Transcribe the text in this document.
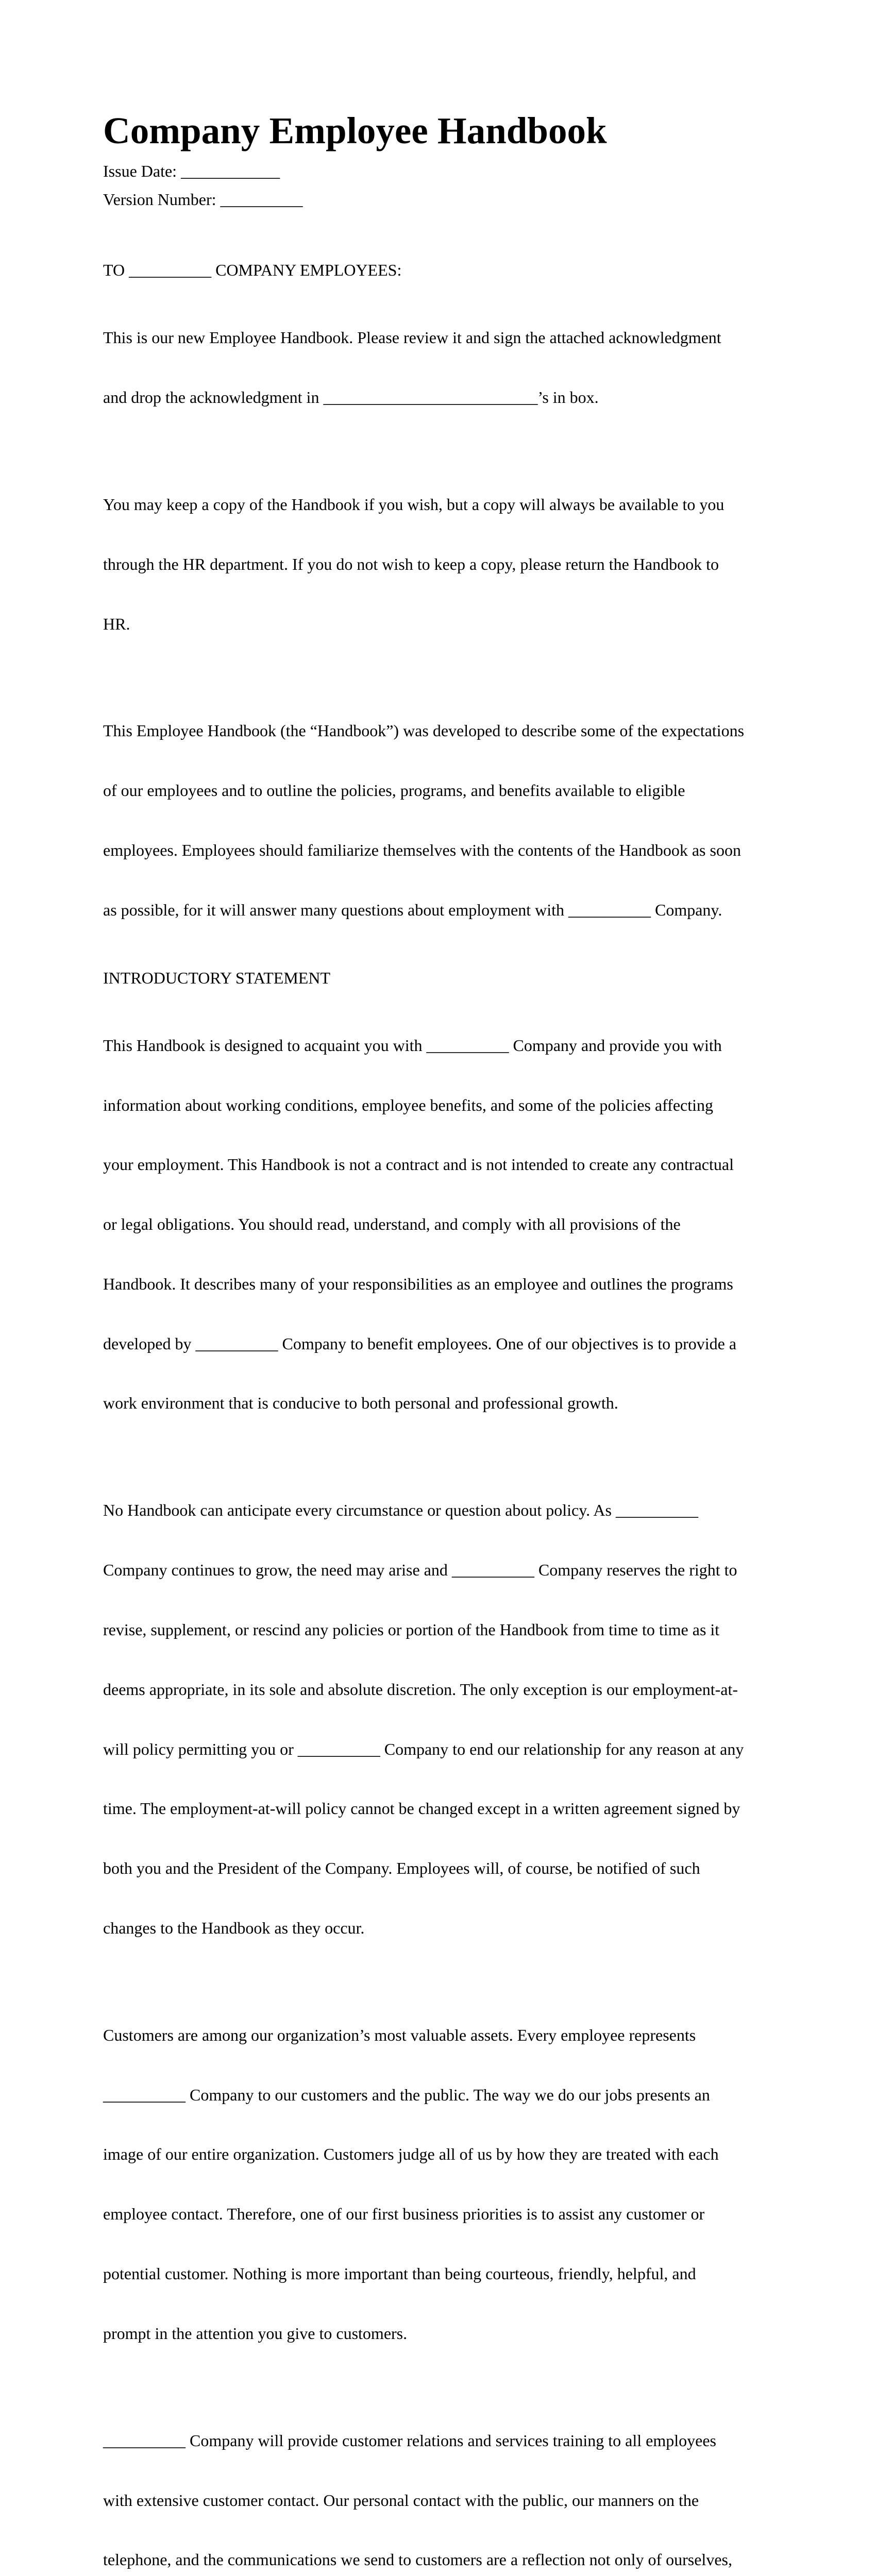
Company Employee Handbook

Issue Date: ____________

Version Number: __________

TO __________ COMPANY EMPLOYEES:

This is our new Employee Handbook. Please review it and sign the attached acknowledgment

and drop the acknowledgment in __________________________’s in box.

You may keep a copy of the Handbook if you wish, but a copy will always be available to you

through the HR department. If you do not wish to keep a copy, please return the Handbook to

HR.

This Employee Handbook (the “Handbook”) was developed to describe some of the expectations

of our employees and to outline the policies, programs, and benefits available to eligible

employees. Employees should familiarize themselves with the contents of the Handbook as soon

as possible, for it will answer many questions about employment with __________ Company.

INTRODUCTORY STATEMENT

This Handbook is designed to acquaint you with __________ Company and provide you with

information about working conditions, employee benefits, and some of the policies affecting

your employment. This Handbook is not a contract and is not intended to create any contractual

or legal obligations. You should read, understand, and comply with all provisions of the

Handbook. It describes many of your responsibilities as an employee and outlines the programs

developed by __________ Company to benefit employees. One of our objectives is to provide a

work environment that is conducive to both personal and professional growth.

No Handbook can anticipate every circumstance or question about policy. As __________

Company continues to grow, the need may arise and __________ Company reserves the right to

revise, supplement, or rescind any policies or portion of the Handbook from time to time as it

deems appropriate, in its sole and absolute discretion. The only exception is our employment-at-

will policy permitting you or __________ Company to end our relationship for any reason at any

time. The employment-at-will policy cannot be changed except in a written agreement signed by

both you and the President of the Company. Employees will, of course, be notified of such

changes to the Handbook as they occur.

Customers are among our organization’s most valuable assets. Every employee represents

__________ Company to our customers and the public. The way we do our jobs presents an

image of our entire organization. Customers judge all of us by how they are treated with each

employee contact. Therefore, one of our first business priorities is to assist any customer or

potential customer. Nothing is more important than being courteous, friendly, helpful, and

prompt in the attention you give to customers.

__________ Company will provide customer relations and services training to all employees

with extensive customer contact. Our personal contact with the public, our manners on the

telephone, and the communications we send to customers are a reflection not only of ourselves,
